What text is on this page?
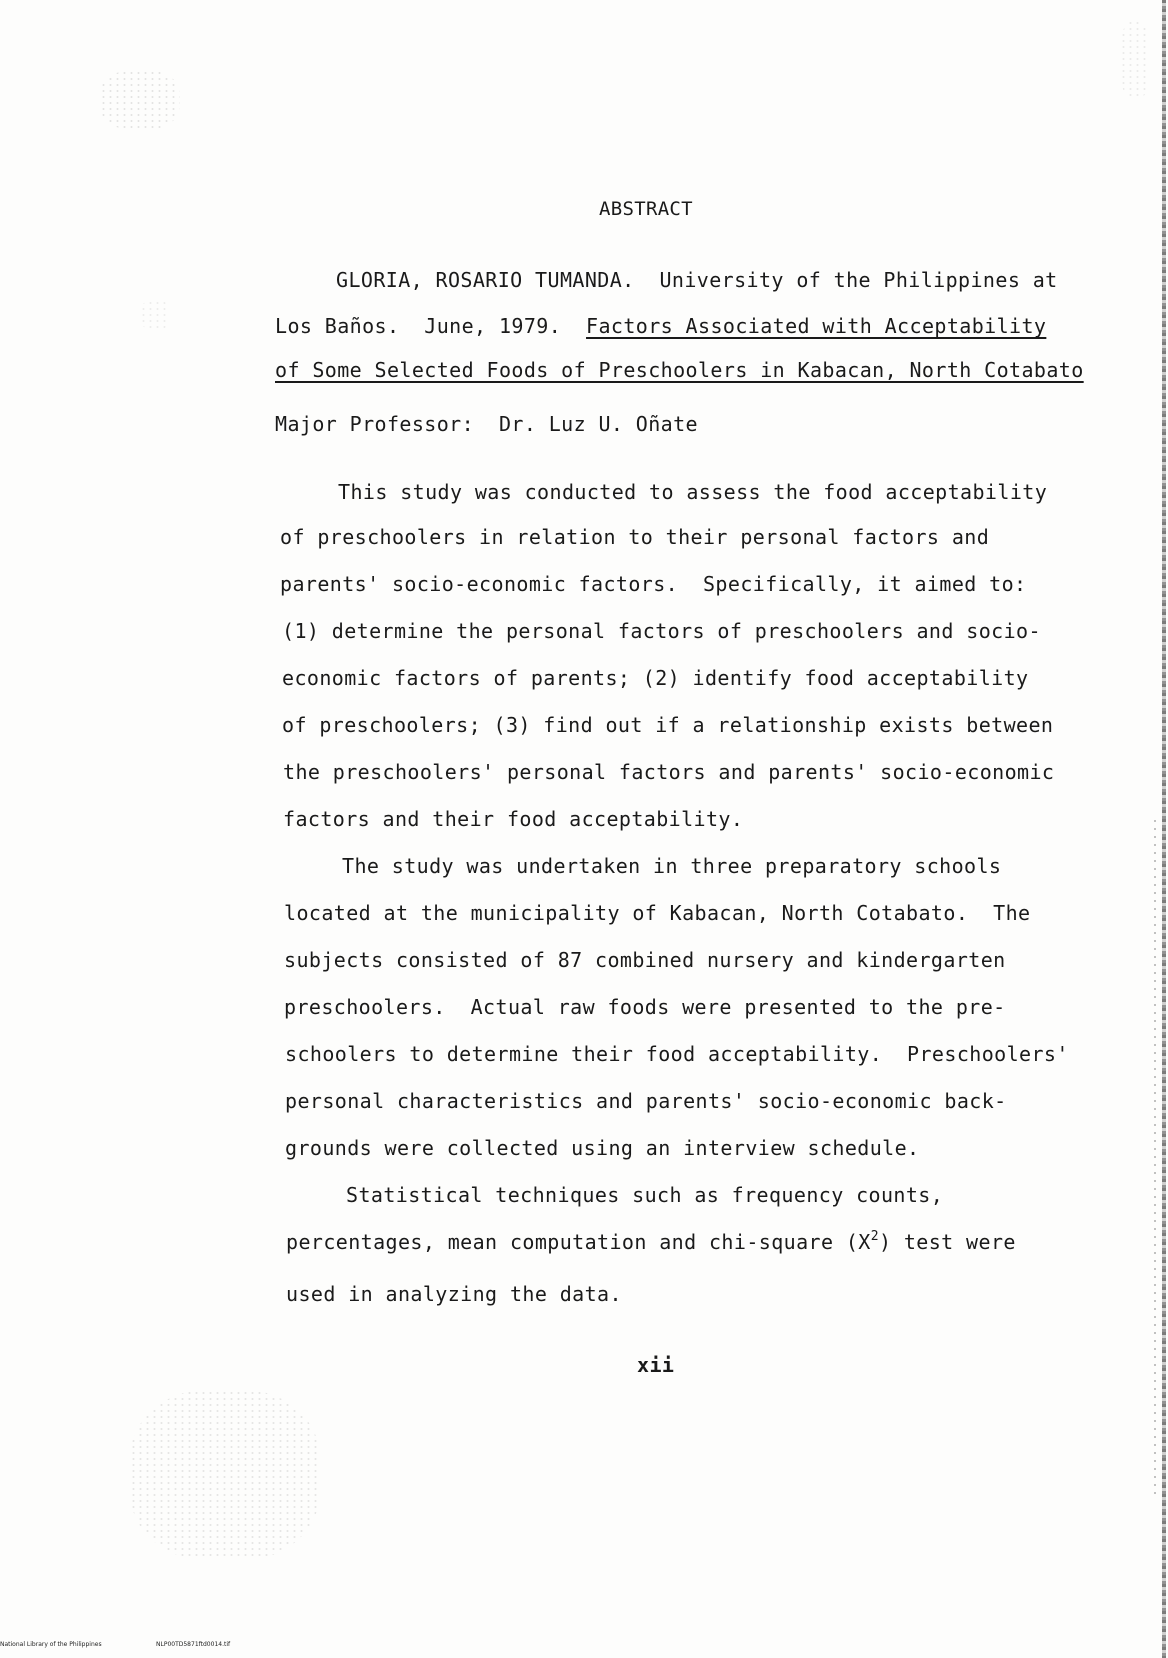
ABSTRACT
GLORIA, ROSARIO TUMANDA.  University of the Philippines at
Los Baños.  June, 1979.  Factors Associated with Acceptability
of Some Selected Foods of Preschoolers in Kabacan, North Cotabato
Major Professor:  Dr. Luz U. Oñate
This study was conducted to assess the food acceptability
of preschoolers in relation to their personal factors and
parents' socio-economic factors.  Specifically, it aimed to:
(1) determine the personal factors of preschoolers and socio-
economic factors of parents; (2) identify food acceptability
of preschoolers; (3) find out if a relationship exists between
the preschoolers' personal factors and parents' socio-economic
factors and their food acceptability.
The study was undertaken in three preparatory schools
located at the municipality of Kabacan, North Cotabato.  The
subjects consisted of 87 combined nursery and kindergarten
preschoolers.  Actual raw foods were presented to the pre-
schoolers to determine their food acceptability.  Preschoolers'
personal characteristics and parents' socio-economic back-
grounds were collected using an interview schedule.
Statistical techniques such as frequency counts,
percentages, mean computation and chi-square $(X^2)$ test were
used in analyzing the data.
xii
National Library of the Philippines	NLP00TD5871ftd0014.tif
